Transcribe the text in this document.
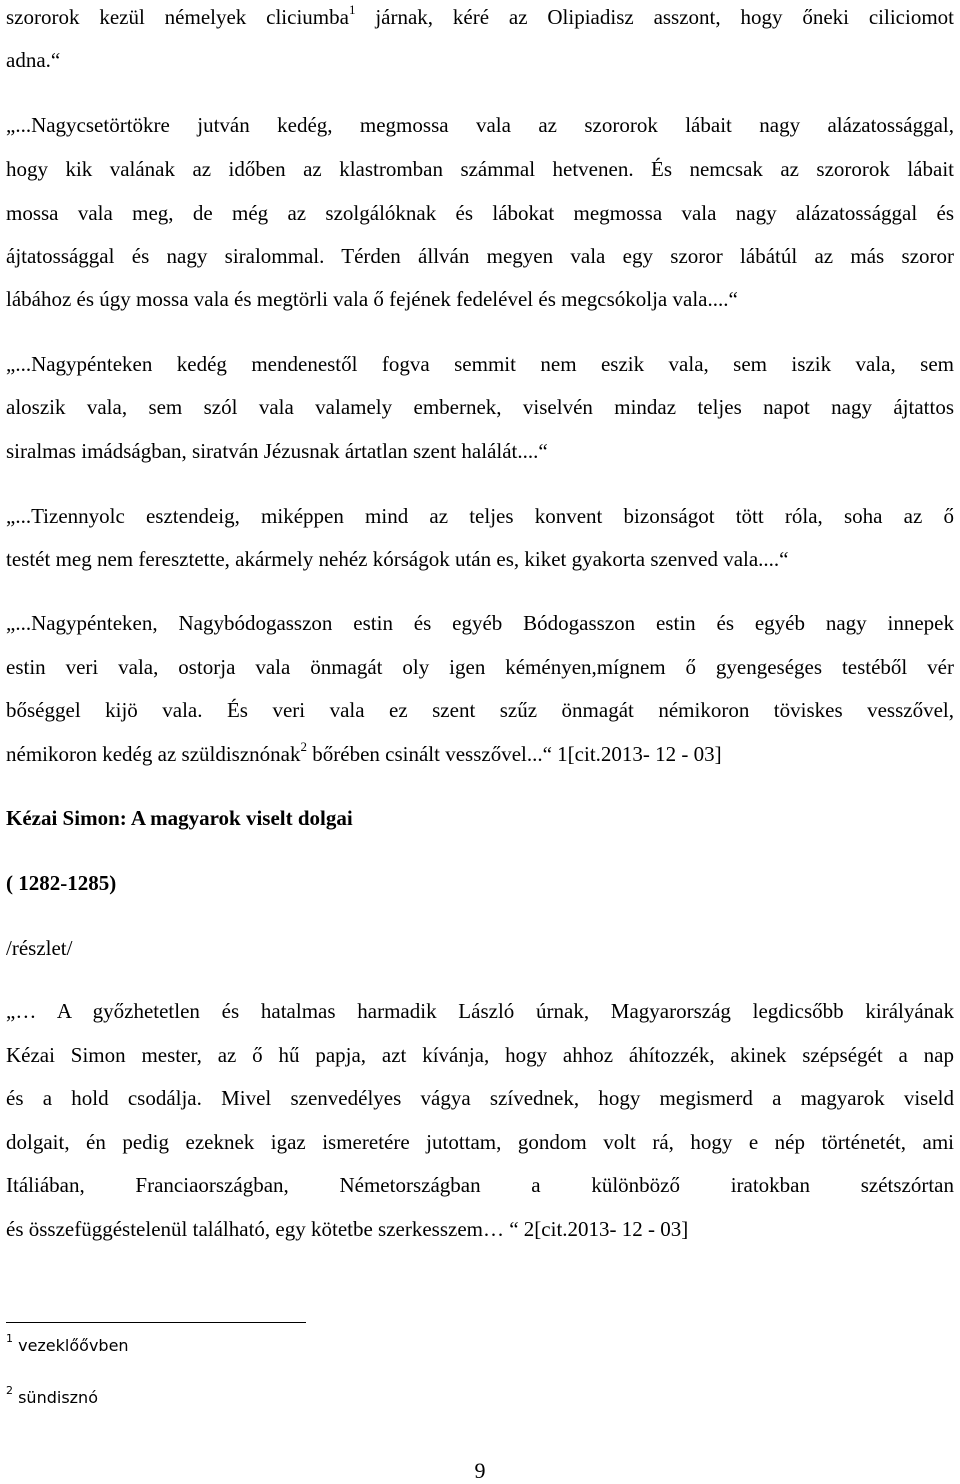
szororok kezül némelyek cliciumba$^1$ járnak, kéré az Olipiadisz asszont, hogy őneki ciliciomot
adna.“
„...Nagycsetörtökre jutván kedég, megmossa vala az szororok lábait nagy alázatossággal,
hogy kik valának az időben az klastromban számmal hetvenen. És nemcsak az szororok lábait
mossa vala meg, de még az szolgálóknak és lábokat megmossa vala nagy alázatossággal és
ájtatossággal és nagy siralommal. Térden állván megyen vala egy szoror lábátúl az más szoror
lábához és úgy mossa vala és megtörli vala ő fejének fedelével és megcsókolja vala....“
„...Nagypénteken kedég mendenestől fogva semmit nem eszik vala, sem iszik vala, sem
aloszik vala, sem szól vala valamely embernek, viselvén mindaz teljes napot nagy ájtattos
siralmas imádságban, siratván Jézusnak ártatlan szent halálát....“
„...Tizennyolc esztendeig, miképpen mind az teljes konvent bizonságot tött róla, soha az ő
testét meg nem feresztette, akármely nehéz kórságok után es, kiket gyakorta szenved vala....“
„...Nagypénteken, Nagybódogasszon estin és egyéb Bódogasszon estin és egyéb nagy innepek
estin veri vala, ostorja vala önmagát oly igen kéményen,mígnem ő gyengeséges testéből vér
bőséggel kijö vala. És veri vala ez szent szűz önmagát némikoron töviskes vesszővel,
némikoron kedég az szüldisznónak$^2$ bőrében csinált vesszővel...“ 1[cit.2013- 12 - 03]
Kézai Simon: A magyarok viselt dolgai
( 1282-1285)
/részlet/
„… A győzhetetlen és hatalmas harmadik László úrnak, Magyarország legdicsőbb királyának
Kézai Simon mester, az ő hű papja, azt kívánja, hogy ahhoz áhítozzék, akinek szépségét a nap
és a hold csodálja. Mivel szenvedélyes vágya szívednek, hogy megismerd a magyarok viseld
dolgait, én pedig ezeknek igaz ismeretére jutottam, gondom volt rá, hogy e nép történetét, ami
Itáliában, Franciaországban, Németországban a különböző iratokban szétszórtan
és összefüggéstelenül található, egy kötetbe szerkesszem… “ 2[cit.2013- 12 - 03]
$^1$ vezeklőővben
$^2$ sündisznó
9
